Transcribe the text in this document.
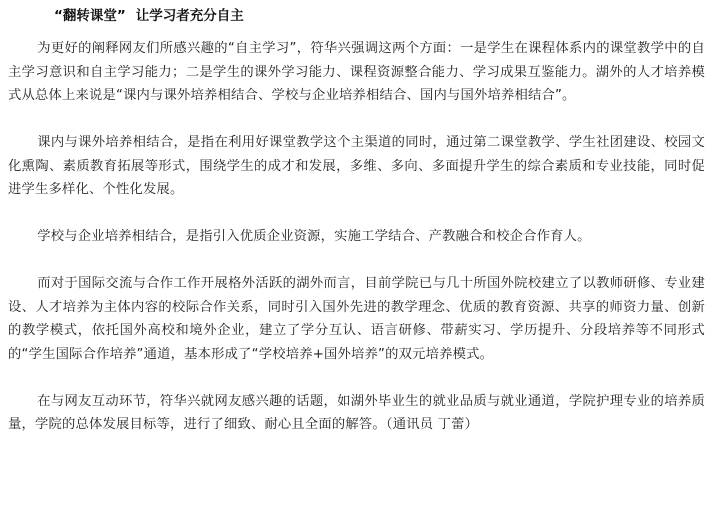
“翻转课堂” 让学习者充分自主

为更好的阐释网友们所感兴趣的“自主学习”，符华兴强调这两个方面：一是学生在课程体系内的课堂教学中的自主学习意识和自主学习能力；二是学生的课外学习能力、课程资源整合能力、学习成果互鉴能力。湖外的人才培养模式从总体上来说是“课内与课外培养相结合、学校与企业培养相结合、国内与国外培养相结合”。

课内与课外培养相结合，是指在利用好课堂教学这个主渠道的同时，通过第二课堂教学、学生社团建设、校园文化熏陶、素质教育拓展等形式，围绕学生的成才和发展，多维、多向、多面提升学生的综合素质和专业技能，同时促进学生多样化、个性化发展。

学校与企业培养相结合，是指引入优质企业资源，实施工学结合、产教融合和校企合作育人。

而对于国际交流与合作工作开展格外活跃的湖外而言，目前学院已与几十所国外院校建立了以教师研修、专业建设、人才培养为主体内容的校际合作关系，同时引入国外先进的教学理念、优质的教育资源、共享的师资力量、创新的教学模式，依托国外高校和境外企业，建立了学分互认、语言研修、带薪实习、学历提升、分段培养等不同形式的“学生国际合作培养”通道，基本形成了“学校培养+国外培养”的双元培养模式。

在与网友互动环节，符华兴就网友感兴趣的话题，如湖外毕业生的就业品质与就业通道，学院护理专业的培养质量，学院的总体发展目标等，进行了细致、耐心且全面的解答。（通讯员 丁蕾）
